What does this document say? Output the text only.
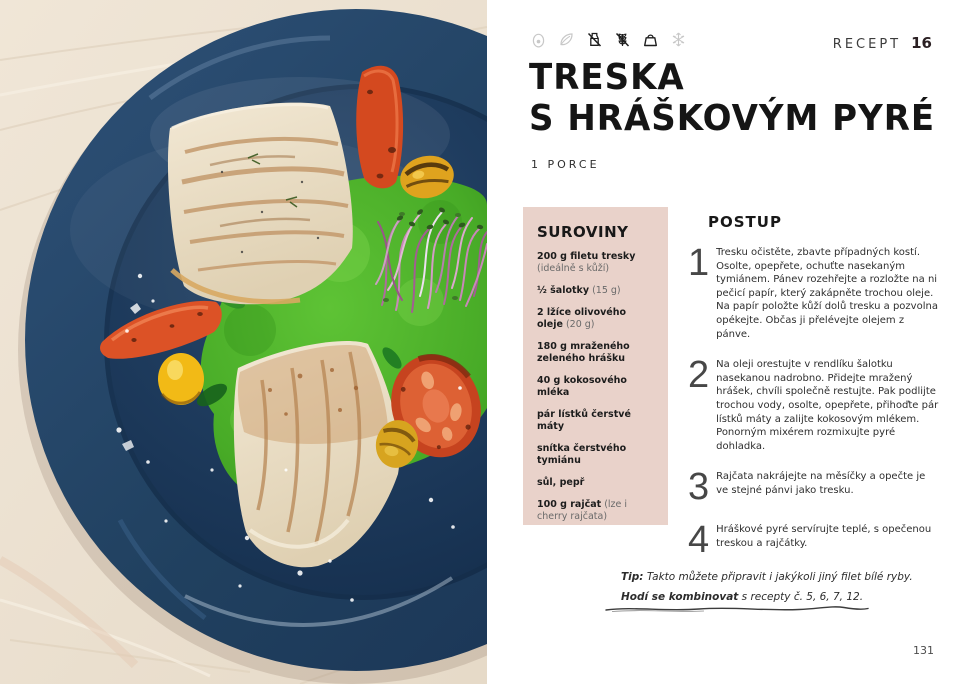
RECEPT 16
TRESKA
S HRÁŠKOVÝM PYRÉ
1 PORCE
SUROVINY
200 g filetu tresky (ideálně s kůží)
½ šalotky (15 g)
2 lžíce olivového oleje (20 g)
180 g mraženého zeleného hrášku
40 g kokosového mléka
pár lístků čerstvé máty
snítka čerstvého tymiánu
sůl, pepř
100 g rajčat (lze i cherry rajčata)
POSTUP
1 Tresku očistěte, zbavte případných kostí. Osolte, opepřete, ochuťte nasekaným tymiánem. Pánev rozehřejte a rozložte na ni pečicí papír, který zakápněte trochou oleje. Na papír položte kůží dolů tresku a pozvolna opékejte. Občas ji přelévejte olejem z pánve.
2 Na oleji orestujte v rendlíku šalotku nasekanou nadrobno. Přidejte mražený hrášek, chvíli společně restujte. Pak podlijte trochou vody, osolte, opepřete, přihoďte pár lístků máty a zalijte kokosovým mlékem. Ponorným mixérem rozmixujte pyré dohladka.
3 Rajčata nakrájejte na měsíčky a opečte je ve stejné pánvi jako tresku.
4 Hráškové pyré servírujte teplé, s opečenou treskou a rajčátky.
Tip: Takto můžete připravit i jakýkoli jiný filet bílé ryby.
Hodí se kombinovat s recepty č. 5, 6, 7, 12.
131
